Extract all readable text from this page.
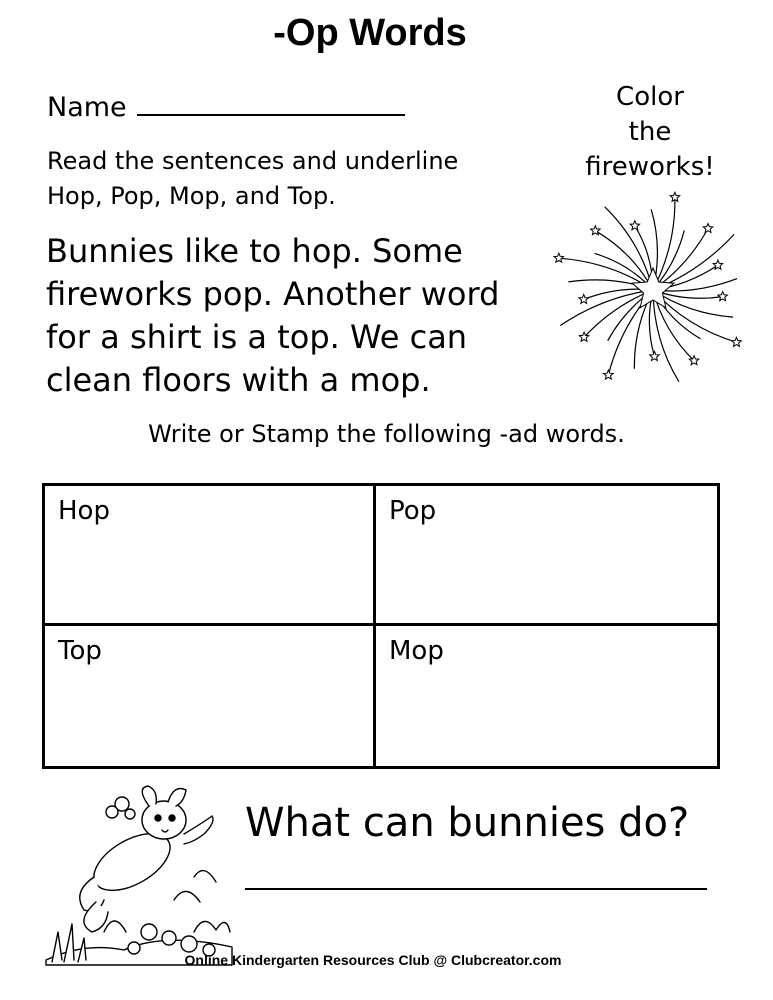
-Op Words
Name
Read the sentences and underline
Hop, Pop, Mop, and Top.
Color
the
fireworks!
Bunnies like to hop. Some
fireworks pop. Another word
for a shirt is a top. We can
clean floors with a mop.
Write or Stamp the following -ad words.
Hop	Pop
Top	Mop
What can bunnies do?
Online Kindergarten Resources Club @ Clubcreator.com
